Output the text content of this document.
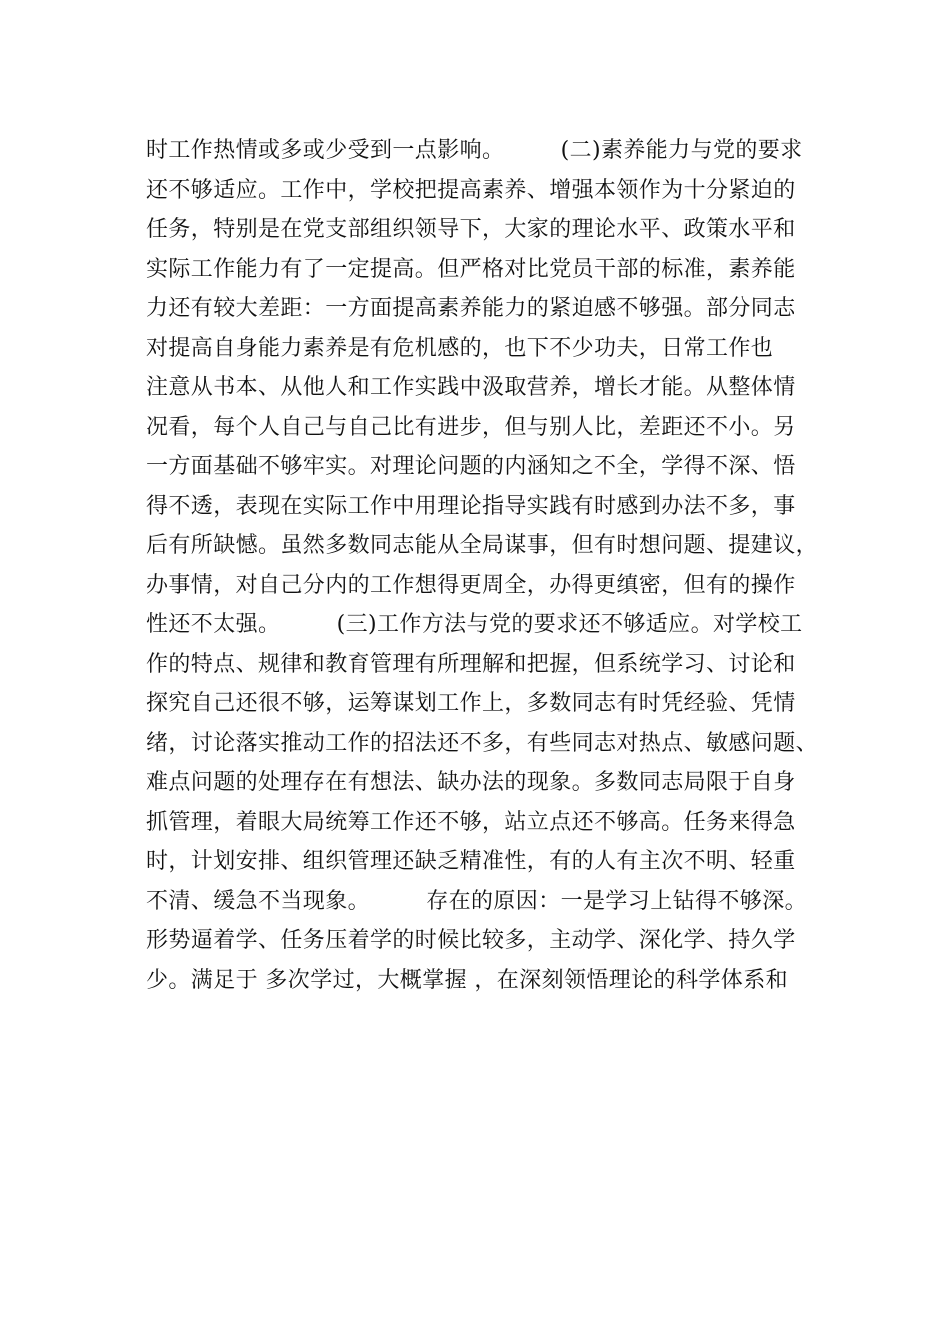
时工作热情或多或少受到一点影响。　　　(二)素养能力与党的要求
还不够适应。工作中，学校把提高素养、增强本领作为十分紧迫的
任务，特别是在党支部组织领导下，大家的理论水平、政策水平和
实际工作能力有了一定提高。但严格对比党员干部的标准，素养能
力还有较大差距：一方面提高素养能力的紧迫感不够强。部分同志
对提高自身能力素养是有危机感的，也下不少功夫，日常工作也
注意从书本、从他人和工作实践中汲取营养，增长才能。从整体情
况看，每个人自己与自己比有进步，但与别人比，差距还不小。另
一方面基础不够牢实。对理论问题的内涵知之不全，学得不深、悟
得不透，表现在实际工作中用理论指导实践有时感到办法不多，事
后有所缺憾。虽然多数同志能从全局谋事，但有时想问题、提建议，
办事情，对自己分内的工作想得更周全，办得更缜密，但有的操作
性还不太强。　　　(三)工作方法与党的要求还不够适应。对学校工
作的特点、规律和教育管理有所理解和把握，但系统学习、讨论和
探究自己还很不够，运筹谋划工作上，多数同志有时凭经验、凭情
绪，讨论落实推动工作的招法还不多，有些同志对热点、敏感问题、
难点问题的处理存在有想法、缺办法的现象。多数同志局限于自身
抓管理，着眼大局统筹工作还不够，站立点还不够高。任务来得急
时，计划安排、组织管理还缺乏精准性，有的人有主次不明、轻重
不清、缓急不当现象。　　　存在的原因：一是学习上钻得不够深。
形势逼着学、任务压着学的时候比较多，主动学、深化学、持久学
少。满足于 多次学过，大概掌握 ，在深刻领悟理论的科学体系和
